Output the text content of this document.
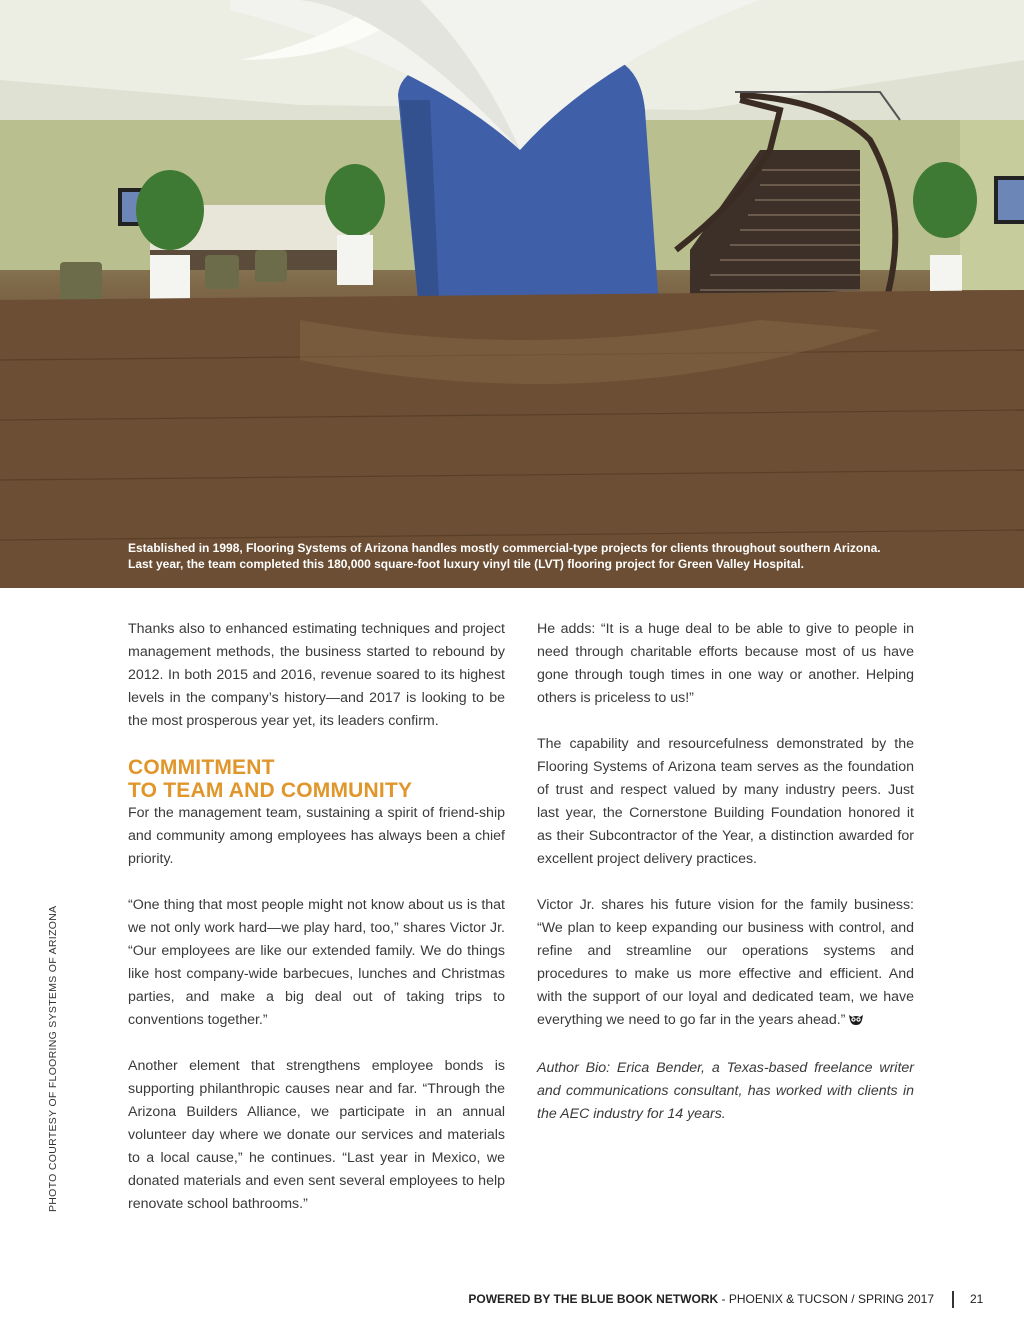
Established in 1998, Flooring Systems of Arizona handles mostly commercial-type projects for clients throughout southern Arizona.
Last year, the team completed this 180,000 square-foot luxury vinyl tile (LVT) flooring project for Green Valley Hospital.
PHOTO COURTESY OF FLOORING SYSTEMS OF ARIZONA

Thanks also to enhanced estimating techniques and project management methods, the business started to rebound by 2012. In both 2015 and 2016, revenue soared to its highest levels in the company’s history—and 2017 is looking to be the most prosperous year yet, its leaders confirm.

COMMITMENT
TO TEAM AND COMMUNITY

For the management team, sustaining a spirit of friend-ship and community among employees has always been a chief priority.

“One thing that most people might not know about us is that we not only work hard—we play hard, too,” shares Victor Jr. “Our employees are like our extended family. We do things like host company-wide barbecues, lunches and Christmas parties, and make a big deal out of taking trips to conventions together.”

Another element that strengthens employee bonds is supporting philanthropic causes near and far. “Through the Arizona Builders Alliance, we participate in an annual volunteer day where we donate our services and materials to a local cause,” he continues. “Last year in Mexico, we donated materials and even sent several employees to help renovate school bathrooms.”

He adds: “It is a huge deal to be able to give to people in need through charitable efforts because most of us have gone through tough times in one way or another. Helping others is priceless to us!”

The capability and resourcefulness demonstrated by the Flooring Systems of Arizona team serves as the foundation of trust and respect valued by many industry peers. Just last year, the Cornerstone Building Foundation honored it as their Subcontractor of the Year, a distinction awarded for excellent project delivery practices.

Victor Jr. shares his future vision for the family business: “We plan to keep expanding our business with control, and refine and streamline our operations systems and procedures to make us more effective and efficient. And with the support of our loyal and dedicated team, we have everything we need to go far in the years ahead.”

Author Bio: Erica Bender, a Texas-based freelance writer and communications consultant, has worked with clients in the AEC industry for 14 years.

POWERED BY THE BLUE BOOK NETWORK - PHOENIX & TUCSON / SPRING 2017	21
